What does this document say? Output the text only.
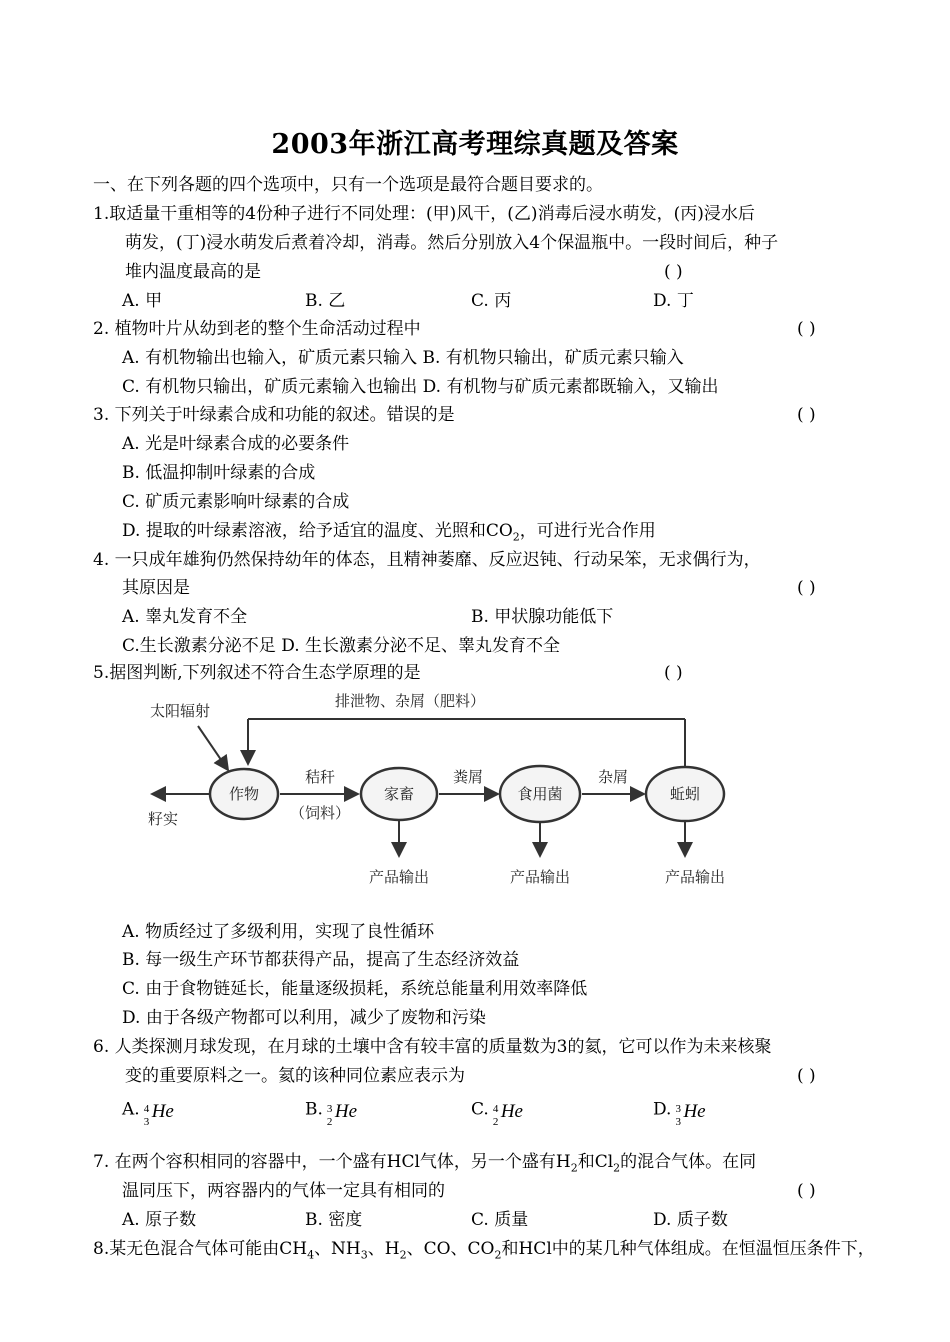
2003年浙江高考理综真题及答案
一、在下列各题的四个选项中，只有一个选项是最符合题目要求的。
1.取适量干重相等的4份种子进行不同处理：(甲)风干，(乙)消毒后浸水萌发，(丙)浸水后
萌发，(丁)浸水萌发后煮着冷却，消毒。然后分别放入4个保温瓶中。一段时间后，种子
堆内温度最高的是	( )
A. 甲	B. 乙	C. 丙	D. 丁
2. 植物叶片从幼到老的整个生命活动过程中	( )
A. 有机物输出也输入，矿质元素只输入 B. 有机物只输出，矿质元素只输入
C. 有机物只输出，矿质元素输入也输出 D. 有机物与矿质元素都既输入，又输出
3. 下列关于叶绿素合成和功能的叙述。错误的是	( )
A. 光是叶绿素合成的必要条件
B. 低温抑制叶绿素的合成
C. 矿质元素影响叶绿素的合成
D. 提取的叶绿素溶液，给予适宜的温度、光照和$CO_2$，可进行光合作用
4. 一只成年雄狗仍然保持幼年的体态，且精神萎靡、反应迟钝、行动呆笨，无求偶行为，
其原因是	( )
A. 睾丸发育不全	B. 甲状腺功能低下
C.生长激素分泌不足 D. 生长激素分泌不足、睾丸发育不全
5.据图判断,下列叙述不符合生态学原理的是	( )
排泄物、杂屑（肥料）
太阳辐射
作物	家畜	食用菌	蚯蚓
籽实
秸秆
（饲料）
粪屑	杂屑
产品输出	产品输出	产品输出
A. 物质经过了多级利用，实现了良性循环
B. 每一级生产环节都获得产品，提高了生态经济效益
C. 由于食物链延长，能量逐级损耗，系统总能量利用效率降低
D. 由于各级产物都可以利用，减少了废物和污染
6. 人类探测月球发现，在月球的土壤中含有较丰富的质量数为3的氦，它可以作为未来核聚
变的重要原料之一。氦的该种同位素应表示为	( )
A. 4
3 He	B. 3
2 He	C. 4
2 He	D. 3
3 He
7. 在两个容积相同的容器中，一个盛有HCl气体，另一个盛有$H_2$和$Cl_2$的混合气体。在同
温同压下，两容器内的气体一定具有相同的	( )
A. 原子数	B. 密度	C. 质量	D. 质子数
8.某无色混合气体可能由$CH_4$、$NH_3$、$H_2$、CO、$CO_2$和HCl中的某几种气体组成。在恒温恒压条件下，
